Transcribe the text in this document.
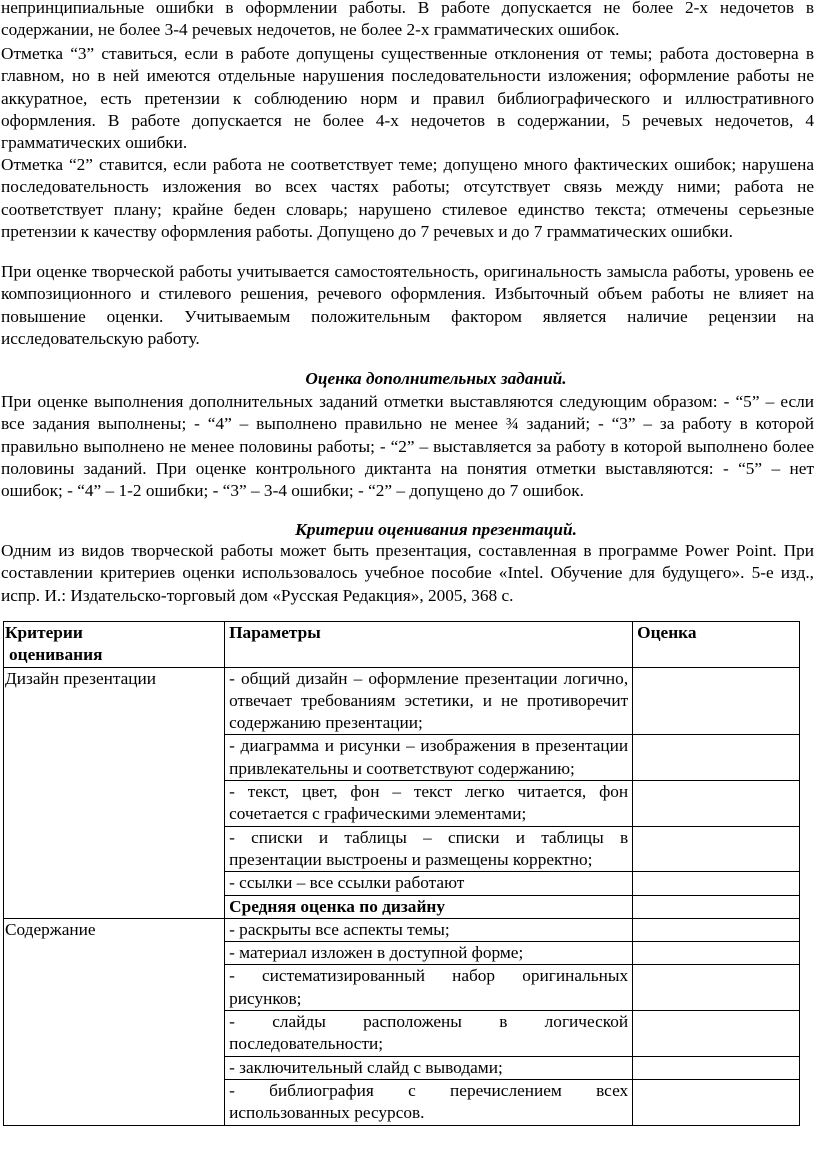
непринципиальные ошибки в оформлении работы. В работе допускается не более 2-х недочетов в содержании, не более 3-4 речевых недочетов, не более 2-х грамматических ошибок.

Отметка “3” ставиться, если в работе допущены существенные отклонения от темы; работа достоверна в главном, но в ней имеются отдельные нарушения последовательности изложения; оформление работы не аккуратное, есть претензии к соблюдению норм и правил библиографического и иллюстративного оформления. В работе допускается не более 4-х недочетов в содержании, 5 речевых недочетов, 4 грамматических ошибки.

Отметка “2” ставится, если работа не соответствует теме; допущено много фактических ошибок; нарушена последовательность изложения во всех частях работы; отсутствует связь между ними; работа не соответствует плану; крайне беден словарь; нарушено стилевое единство текста; отмечены серьезные претензии к качеству оформления работы. Допущено до 7 речевых и до 7 грамматических ошибки.

При оценке творческой работы учитывается самостоятельность, оригинальность замысла работы, уровень ее композиционного и стилевого решения, речевого оформления. Избыточный объем работы не влияет на повышение оценки. Учитываемым положительным фактором является наличие рецензии на исследовательскую работу.

Оценка дополнительных заданий.

При оценке выполнения дополнительных заданий отметки выставляются следующим образом: - “5” – если все задания выполнены; - “4” – выполнено правильно не менее ¾ заданий; - “3” – за работу в которой правильно выполнено не менее половины работы; - “2” – выставляется за работу в которой выполнено более половины заданий. При оценке контрольного диктанта на понятия отметки выставляются: - “5” – нет ошибок; - “4” – 1-2 ошибки; - “3” – 3-4 ошибки; - “2” – допущено до 7 ошибок.

Критерии оценивания презентаций.

Одним из видов творческой работы может быть презентация, составленная в программе Power Point. При составлении критериев оценки использовалось учебное пособие «Intel. Обучение для будущего». 5-е изд., испр. И.: Издательско-торговый дом «Русская Редакция», 2005, 368 с.

Критерии
оценивания	Параметры	Оценка
Дизайн презентации	- общий дизайн – оформление презентации логично, отвечает требованиям эстетики, и не противоречит содержанию презентации;	
	- диаграмма и рисунки – изображения в презентации привлекательны и соответствуют содержанию;	
	- текст, цвет, фон – текст легко читается, фон сочетается с графическими элементами;	
	- списки и таблицы – списки и таблицы в презентации выстроены и размещены корректно;	
	- ссылки – все ссылки работают	
	Средняя оценка по дизайну	
Содержание	- раскрыты все аспекты темы;	
	- материал изложен в доступной форме;	
	- систематизированный набор оригинальных рисунков;	
	- слайды расположены в логической последовательности;	
	- заключительный слайд с выводами;	
	- библиография с перечислением всех использованных ресурсов.	
